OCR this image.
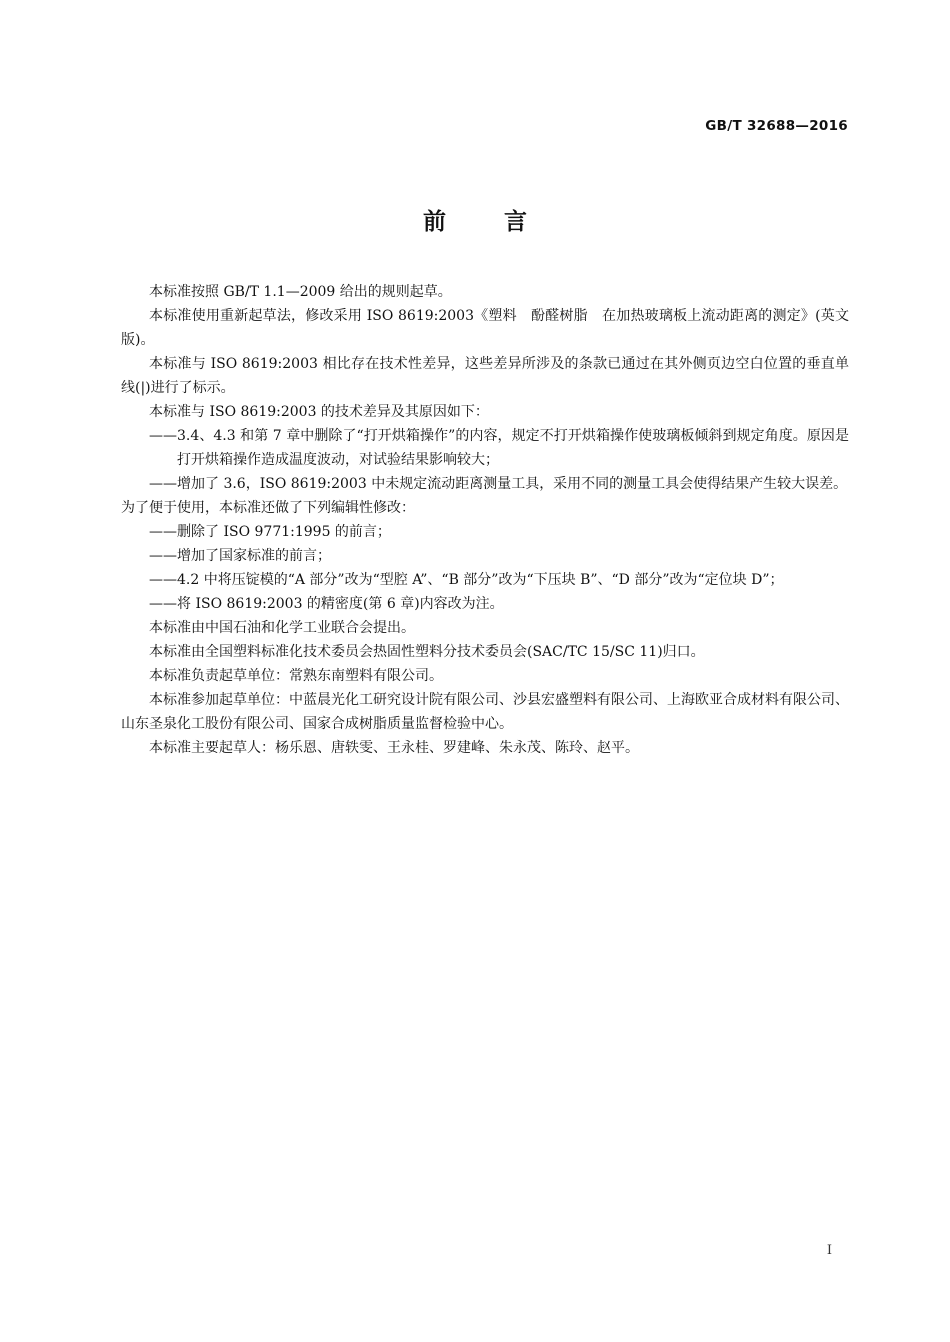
GB/T 32688—2016
前言

本标准按照 GB/T 1.1—2009 给出的规则起草。

本标准使用重新起草法，修改采用 ISO 8619:2003《塑料　酚醛树脂　在加热玻璃板上流动距离的测定》(英文版)。

本标准与 ISO 8619:2003 相比存在技术性差异，这些差异所涉及的条款已通过在其外侧页边空白位置的垂直单线(|)进行了标示。

本标准与 ISO 8619:2003 的技术差异及其原因如下：

——3.4、4.3 和第 7 章中删除了“打开烘箱操作”的内容，规定不打开烘箱操作使玻璃板倾斜到规定角度。原因是打开烘箱操作造成温度波动，对试验结果影响较大；

——增加了 3.6，ISO 8619:2003 中未规定流动距离测量工具，采用不同的测量工具会使得结果产生较大误差。

为了便于使用，本标准还做了下列编辑性修改：

——删除了 ISO 9771:1995 的前言；

——增加了国家标准的前言；

——4.2 中将压锭模的“A 部分”改为“型腔 A”、“B 部分”改为“下压块 B”、“D 部分”改为“定位块 D”；

——将 ISO 8619:2003 的精密度(第 6 章)内容改为注。

本标准由中国石油和化学工业联合会提出。

本标准由全国塑料标准化技术委员会热固性塑料分技术委员会(SAC/TC 15/SC 11)归口。

本标准负责起草单位：常熟东南塑料有限公司。

本标准参加起草单位：中蓝晨光化工研究设计院有限公司、沙县宏盛塑料有限公司、上海欧亚合成材料有限公司、山东圣泉化工股份有限公司、国家合成树脂质量监督检验中心。

本标准主要起草人：杨乐恩、唐轶雯、王永桂、罗建峰、朱永茂、陈玲、赵平。

I
